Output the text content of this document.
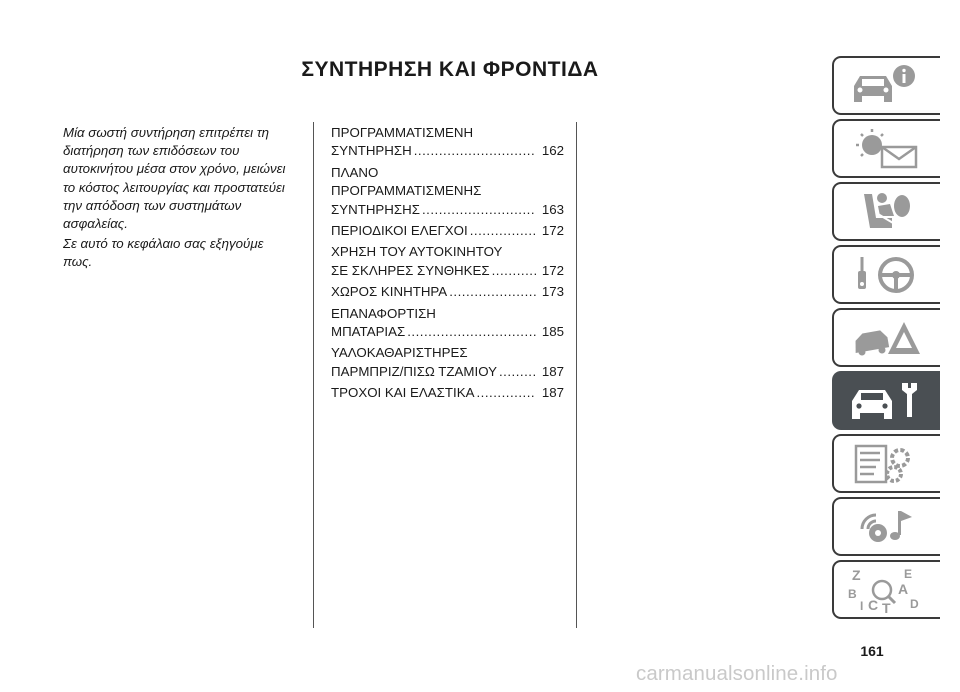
ΣΥΝΤΗΡΗΣΗ ΚΑΙ ΦΡΟΝΤΙΔΑ

Μία σωστή συντήρηση επιτρέπει τη διατήρηση των επιδόσεων του αυτοκινήτου μέσα στον χρόνο, μειώνει το κόστος λειτουργίας και προστατεύει την απόδοση των συστημάτων ασφαλείας.

Σε αυτό το κεφάλαιο σας εξηγούμε πως.

ΠΡΟΓΡΑΜΜΑΤΙΣΜΕΝΗ
ΣΥΝΤΗΡΗΣΗ . . .	162
ΠΛΑΝΟ
ΠΡΟΓΡΑΜΜΑΤΙΣΜΕΝΗΣ
ΣΥΝΤΗΡΗΣΗΣ . . .	163
ΠΕΡΙΟΔΙΚΟΙ ΕΛΕΓΧΟΙ . . .	172
ΧΡΗΣΗ ΤΟΥ ΑΥΤΟΚΙΝΗΤΟΥ
ΣΕ ΣΚΛΗΡΕΣ ΣΥΝΘΗΚΕΣ . . .	172
ΧΩΡΟΣ ΚΙΝΗΤΗΡΑ . . .	173
ΕΠΑΝΑΦΟΡΤΙΣΗ
ΜΠΑΤΑΡΙΑΣ . . .	185
ΥΑΛΟΚΑΘΑΡΙΣΤΗΡΕΣ
ΠΑΡΜΠΡΙΖ/ΠΙΣΩ ΤΖΑΜΙΟΥ . . .	187
ΤΡΟΧΟΙ ΚΑΙ ΕΛΑΣΤΙΚΑ . . .	187
Z	E
A
B
C T
I	D
161
carmanualsonline.info
